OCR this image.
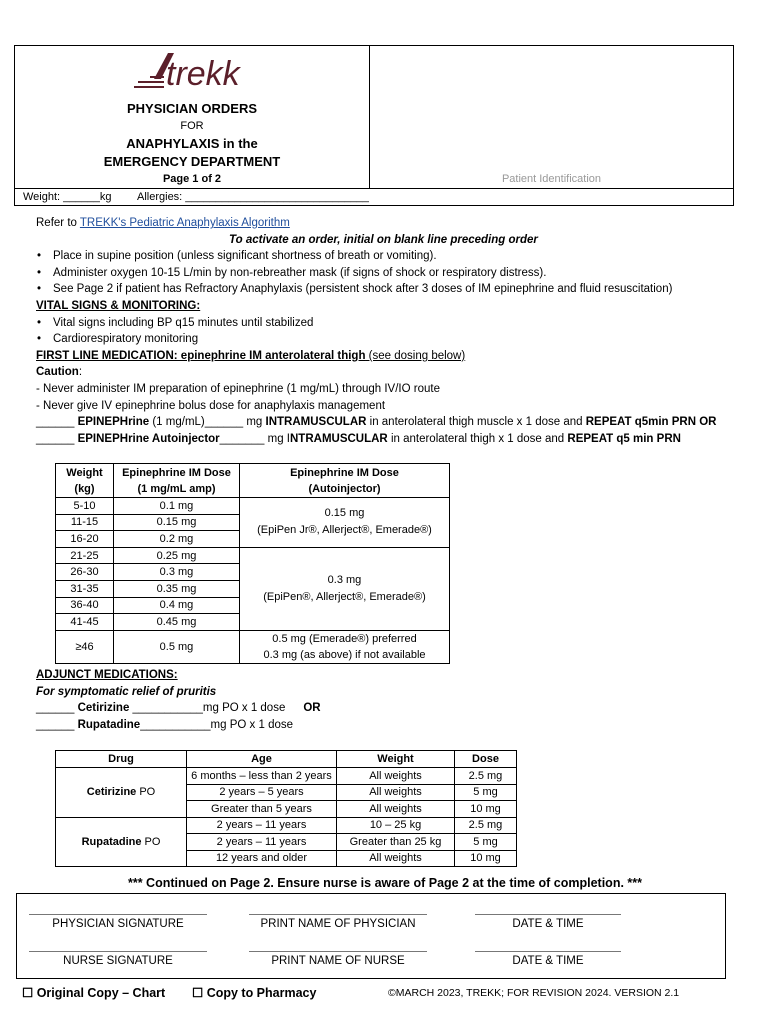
trekk
PHYSICIAN ORDERS
FOR
ANAPHYLAXIS in the
EMERGENCY DEPARTMENT
Page 1 of 2	Patient Identification
Weight: ______kg Allergies: ______________________________
Refer to TREKK's Pediatric Anaphylaxis Algorithm
To activate an order, initial on blank line preceding order
• Place in supine position (unless significant shortness of breath or vomiting).
• Administer oxygen 10-15 L/min by non-rebreather mask (if signs of shock or respiratory distress).
• See Page 2 if patient has Refractory Anaphylaxis (persistent shock after 3 doses of IM epinephrine and fluid resuscitation)
VITAL SIGNS & MONITORING:
• Vital signs including BP q15 minutes until stabilized
• Cardiorespiratory monitoring
FIRST LINE MEDICATION: epinephrine IM anterolateral thigh (see dosing below)
Caution:
- Never administer IM preparation of epinephrine (1 mg/mL) through IV/IO route
- Never give IV epinephrine bolus dose for anaphylaxis management
______ EPINEPHrine (1 mg/mL)______ mg INTRAMUSCULAR in anterolateral thigh muscle x 1 dose and REPEAT q5min PRN OR
______ EPINEPHrine Autoinjector_______ mg INTRAMUSCULAR in anterolateral thigh x 1 dose and REPEAT q5 min PRN
Weight
(kg)	Epinephrine IM Dose
(1 mg/mL amp)	Epinephrine IM Dose
(Autoinjector)
5-10	0.1 mg	0.15 mg
(EpiPen Jr®, Allerject®, Emerade®)
11-15	0.15 mg	
16-20	0.2 mg	
21-25	0.25 mg	0.3 mg
(EpiPen®, Allerject®, Emerade®)
26-30	0.3 mg	
31-35	0.35 mg	
36-40	0.4 mg	
41-45	0.45 mg	
≥46	0.5 mg	0.5 mg (Emerade®) preferred
0.3 mg (as above) if not available
ADJUNCT MEDICATIONS:
For symptomatic relief of pruritis
______ Cetirizine ___________mg PO x 1 dose OR
______ Rupatadine___________mg PO x 1 dose
Drug	Age	Weight	Dose
Cetirizine PO	6 months – less than 2 years	All weights	2.5 mg
	2 years – 5 years	All weights	5 mg
	Greater than 5 years	All weights	10 mg
Rupatadine PO	2 years – 11 years	10 – 25 kg	2.5 mg
	2 years – 11 years	Greater than 25 kg	5 mg
	12 years and older	All weights	10 mg
*** Continued on Page 2. Ensure nurse is aware of Page 2 at the time of completion. ***
PHYSICIAN SIGNATURE	PRINT NAME OF PHYSICIAN	DATE & TIME
NURSE SIGNATURE	PRINT NAME OF NURSE	DATE & TIME
☐ Original Copy – Chart ☐ Copy to Pharmacy	©MARCH 2023, TREKK; FOR REVISION 2024. VERSION 2.1
